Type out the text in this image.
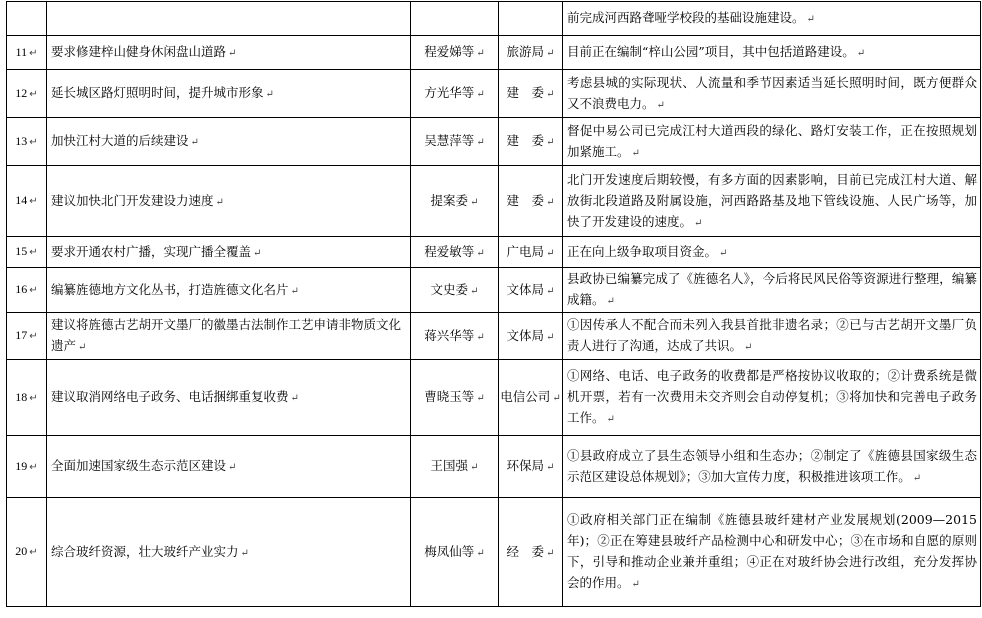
				前完成河西路聋哑学校段的基础设施建设。 ↵
11 ↵	要求修建梓山健身休闲盘山道路 ↵	程爱娣等 ↵	旅游局 ↵	目前正在编制“梓山公园”项目，其中包括道路建设。 ↵
12 ↵	延长城区路灯照明时间，提升城市形象 ↵	方光华等 ↵	建　委 ↵	考虑县城的实际现状、人流量和季节因素适当延长照明时间，既方便群众又不浪费电力。 ↵
13 ↵	加快江村大道的后续建设 ↵	吴慧萍等 ↵	建　委 ↵	督促中易公司已完成江村大道西段的绿化、路灯安装工作，正在按照规划加紧施工。 ↵
14 ↵	建议加快北门开发建设力速度 ↵	提案委 ↵	建　委 ↵	北门开发速度后期较慢，有多方面的因素影响，目前已完成江村大道、解放街北段道路及附属设施，河西路路基及地下管线设施、人民广场等，加快了开发建设的速度。 ↵
15 ↵	要求开通农村广播，实现广播全覆盖 ↵	程爱敏等 ↵	广电局 ↵	正在向上级争取项目资金。 ↵
16 ↵	编纂旌德地方文化丛书，打造旌德文化名片 ↵	文史委 ↵	文体局 ↵	县政协已编纂完成了《旌德名人》，今后将民风民俗等资源进行整理，编纂成籍。 ↵
17 ↵	建议将旌德古艺胡开文墨厂的徽墨古法制作工艺申请非物质文化遗产 ↵	蒋兴华等 ↵	文体局 ↵	①因传承人不配合而未列入我县首批非遗名录；②已与古艺胡开文墨厂负责人进行了沟通，达成了共识。 ↵
18 ↵	建议取消网络电子政务、电话捆绑重复收费 ↵	曹晓玉等 ↵	电信公司 ↵	①网络、电话、电子政务的收费都是严格按协议收取的；②计费系统是微机开票，若有一次费用未交齐则会自动停复机；③将加快和完善电子政务工作。 ↵
19 ↵	全面加速国家级生态示范区建设 ↵	王国强 ↵	环保局 ↵	①县政府成立了县生态领导小组和生态办；②制定了《旌德县国家级生态示范区建设总体规划》；③加大宣传力度，积极推进该项工作。 ↵
20 ↵	综合玻纤资源，壮大玻纤产业实力 ↵	梅凤仙等 ↵	经　委 ↵	①政府相关部门正在编制《旌德县玻纤建材产业发展规划(2009—2015年)；②正在筹建县玻纤产品检测中心和研发中心；③在市场和自愿的原则下，引导和推动企业兼并重组；④正在对玻纤协会进行改组，充分发挥协会的作用。 ↵
